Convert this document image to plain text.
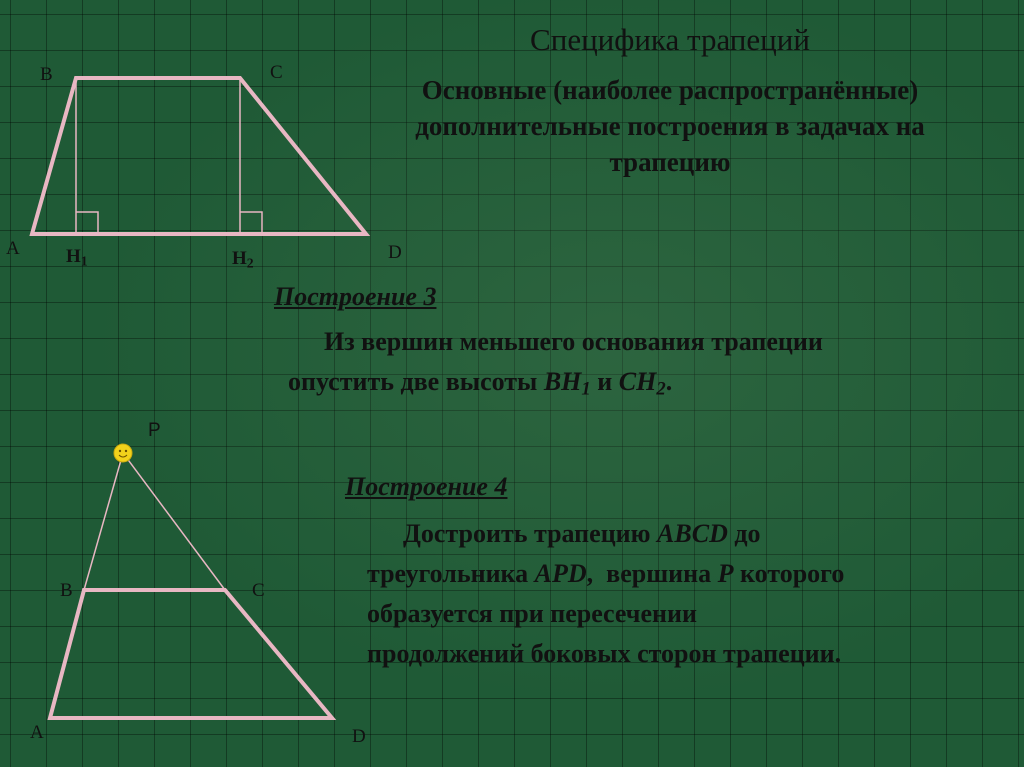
B	C
A	D
$H_1$	$H_2$
P
B	C
A	D
Специфика трапеций
Основные (наиболее распространённые)
дополнительные построения в задачах на
трапецию
Построение 3
Из вершин меньшего основания трапеции
опустить две высоты $BH_1$ и $CH_2$.
Построение 4
Достроить трапецию ABCD до
треугольника APD,  вершина P которого
образуется при пересечении
продолжений боковых сторон трапеции.
